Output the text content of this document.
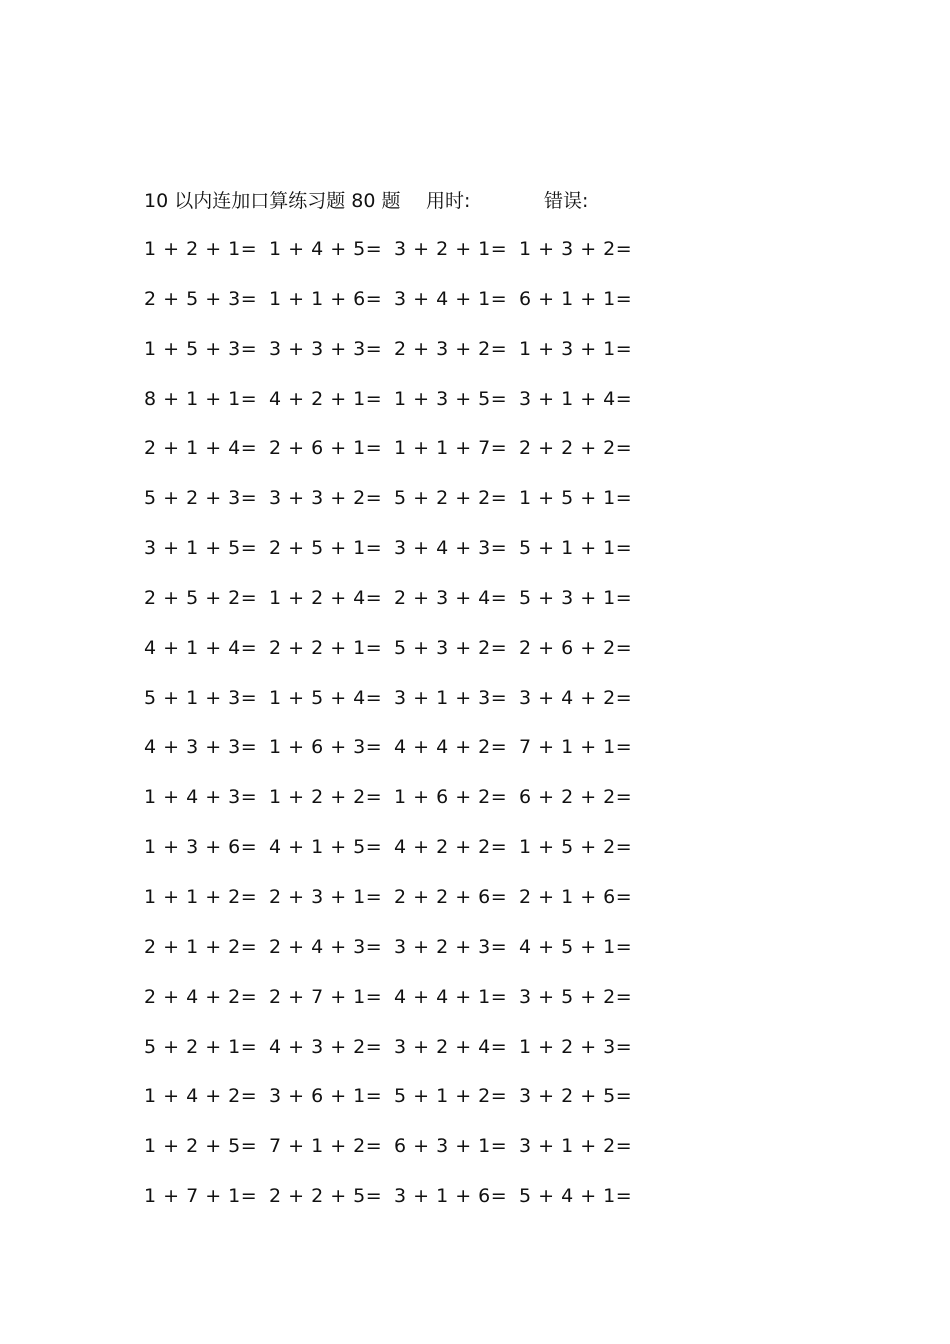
10 以内连加口算练习题 80 题 用时:	错误:
1 + 2 + 1= 1 + 4 + 5= 3 + 2 + 1= 1 + 3 + 2=
2 + 5 + 3= 1 + 1 + 6= 3 + 4 + 1= 6 + 1 + 1=
1 + 5 + 3= 3 + 3 + 3= 2 + 3 + 2= 1 + 3 + 1=
8 + 1 + 1= 4 + 2 + 1= 1 + 3 + 5= 3 + 1 + 4=
2 + 1 + 4= 2 + 6 + 1= 1 + 1 + 7= 2 + 2 + 2=
5 + 2 + 3= 3 + 3 + 2= 5 + 2 + 2= 1 + 5 + 1=
3 + 1 + 5= 2 + 5 + 1= 3 + 4 + 3= 5 + 1 + 1=
2 + 5 + 2= 1 + 2 + 4= 2 + 3 + 4= 5 + 3 + 1=
4 + 1 + 4= 2 + 2 + 1= 5 + 3 + 2= 2 + 6 + 2=
5 + 1 + 3= 1 + 5 + 4= 3 + 1 + 3= 3 + 4 + 2=
4 + 3 + 3= 1 + 6 + 3= 4 + 4 + 2= 7 + 1 + 1=
1 + 4 + 3= 1 + 2 + 2= 1 + 6 + 2= 6 + 2 + 2=
1 + 3 + 6= 4 + 1 + 5= 4 + 2 + 2= 1 + 5 + 2=
1 + 1 + 2= 2 + 3 + 1= 2 + 2 + 6= 2 + 1 + 6=
2 + 1 + 2= 2 + 4 + 3= 3 + 2 + 3= 4 + 5 + 1=
2 + 4 + 2= 2 + 7 + 1= 4 + 4 + 1= 3 + 5 + 2=
5 + 2 + 1= 4 + 3 + 2= 3 + 2 + 4= 1 + 2 + 3=
1 + 4 + 2= 3 + 6 + 1= 5 + 1 + 2= 3 + 2 + 5=
1 + 2 + 5= 7 + 1 + 2= 6 + 3 + 1= 3 + 1 + 2=
1 + 7 + 1= 2 + 2 + 5= 3 + 1 + 6= 5 + 4 + 1=
